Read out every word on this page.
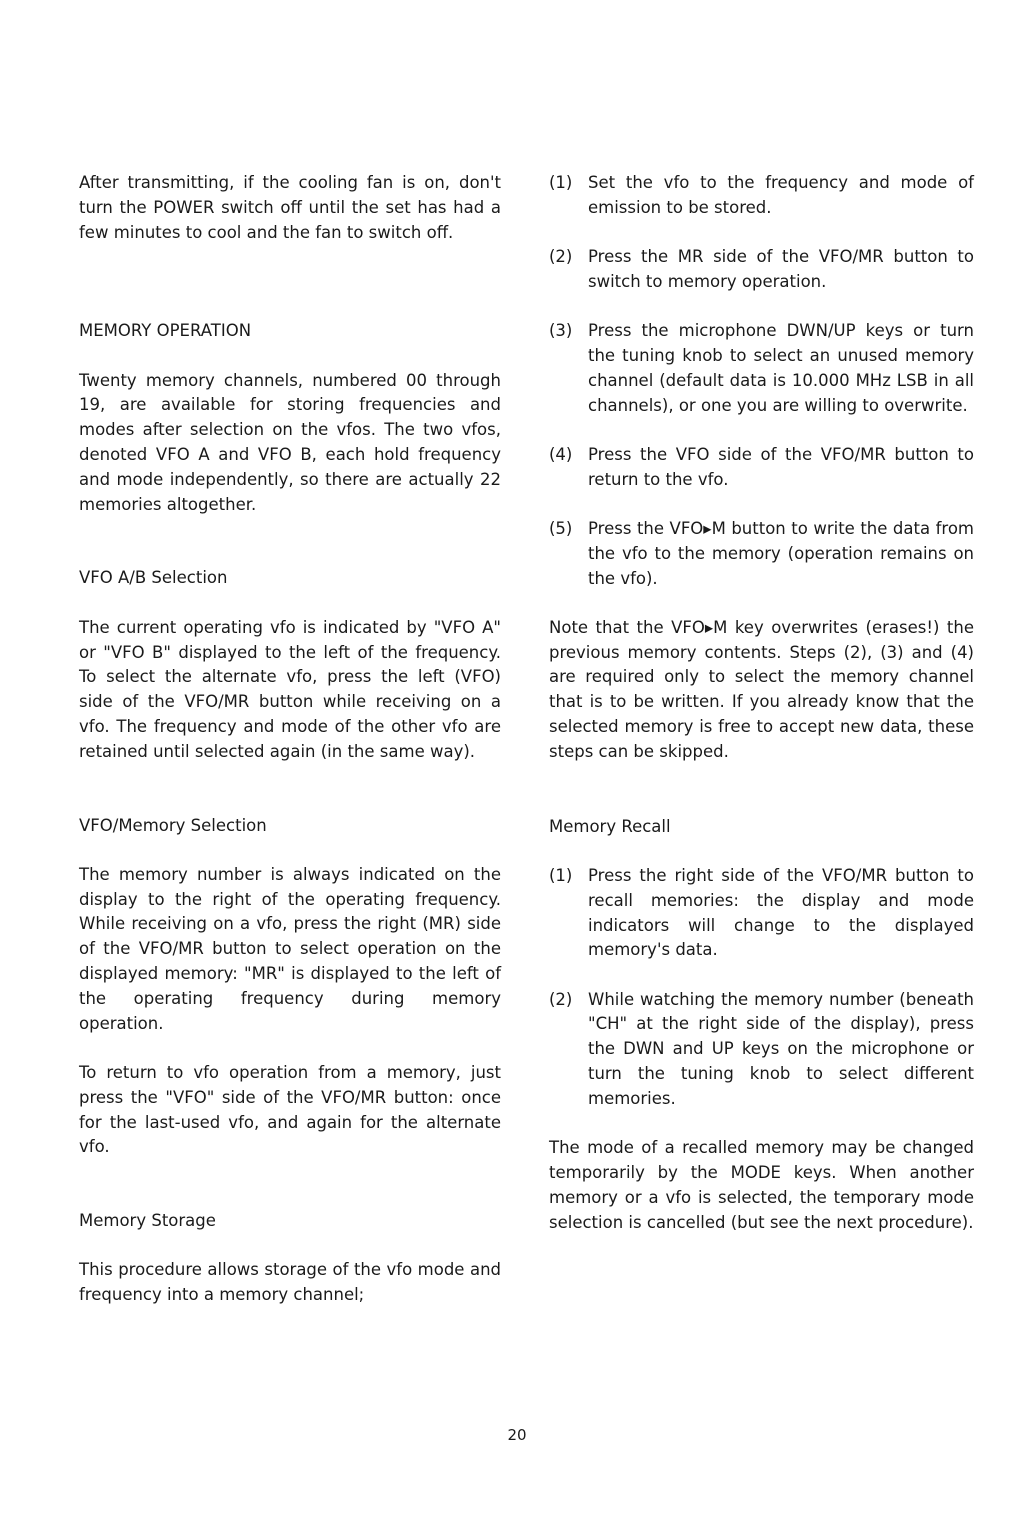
After transmitting, if the cooling fan is on, don't turn the POWER switch off until the set has had a few minutes to cool and the fan to switch off.

MEMORY OPERATION

Twenty memory channels, numbered 00 through 19, are available for storing frequencies and modes after selection on the vfos. The two vfos, denoted VFO A and VFO B, each hold frequency and mode independently, so there are actually 22 memories altogether.

VFO A/B Selection

The current operating vfo is indicated by "VFO A" or "VFO B" displayed to the left of the frequency. To select the alternate vfo, press the left (VFO) side of the VFO/MR button while receiving on a vfo. The frequency and mode of the other vfo are retained until selected again (in the same way).

VFO/Memory Selection

The memory number is always indicated on the display to the right of the operating frequency. While receiving on a vfo, press the right (MR) side of the VFO/MR button to select operation on the displayed memory: "MR" is displayed to the left of the operating frequency during memory operation.

To return to vfo operation from a memory, just press the "VFO" side of the VFO/MR button: once for the last-used vfo, and again for the alternate vfo.

Memory Storage

This procedure allows storage of the vfo mode and frequency into a memory channel;

(1) Set the vfo to the frequency and mode of emission to be stored.
(2) Press the MR side of the VFO/MR button to switch to memory operation.
(3) Press the microphone DWN/UP keys or turn the tuning knob to select an unused memory channel (default data is 10.000 MHz LSB in all channels), or one you are willing to overwrite.
(4) Press the VFO side of the VFO/MR button to return to the vfo.
(5) Press the VFO▸M button to write the data from the vfo to the memory (operation remains on the vfo).

Note that the VFO▸M key overwrites (erases!) the previous memory contents. Steps (2), (3) and (4) are required only to select the memory channel that is to be written. If you already know that the selected memory is free to accept new data, these steps can be skipped.

Memory Recall
(1) Press the right side of the VFO/MR button to recall memories: the display and mode indicators will change to the displayed memory's data.
(2) While watching the memory number (beneath "CH" at the right side of the display), press the DWN and UP keys on the microphone or turn the tuning knob to select different memories.

The mode of a recalled memory may be changed temporarily by the MODE keys. When another memory or a vfo is selected, the temporary mode selection is cancelled (but see the next procedure).

20
